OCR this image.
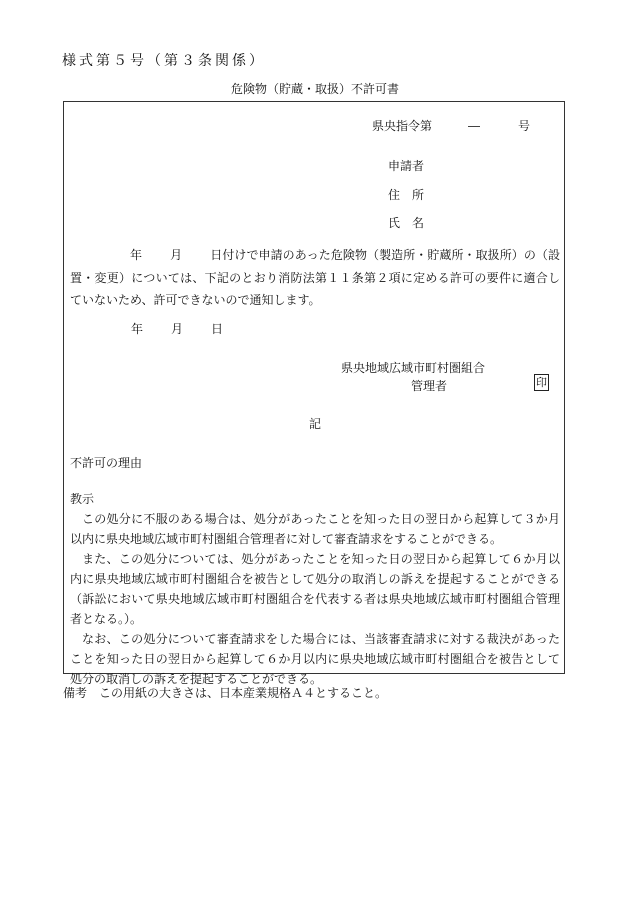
様式第５号（第３条関係）
危険物（貯蔵・取扱）不許可書
県央指令第	―	号
申請者
住　所
氏　名
年 月 日付けで申請のあった危険物（製造所・貯蔵所・取扱所）の（設置・変更）については、下記のとおり消防法第１１条第２項に定める許可の要件に適合していないため、許可できないので通知します。
年 月 日
県央地域広域市町村圏組合
管理者	印
記
不許可の理由
教示

この処分に不服のある場合は、処分があったことを知った日の翌日から起算して３か月以内に県央地域広域市町村圏組合管理者に対して審査請求をすることができる。

また、この処分については、処分があったことを知った日の翌日から起算して６か月以内に県央地域広域市町村圏組合を被告として処分の取消しの訴えを提起することができる（訴訟において県央地域広域市町村圏組合を代表する者は県央地域広域市町村圏組合管理者となる。）。

なお、この処分について審査請求をした場合には、当該審査請求に対する裁決があったことを知った日の翌日から起算して６か月以内に県央地域広域市町村圏組合を被告として処分の取消しの訴えを提起することができる。

備考　この用紙の大きさは、日本産業規格Ａ４とすること。
